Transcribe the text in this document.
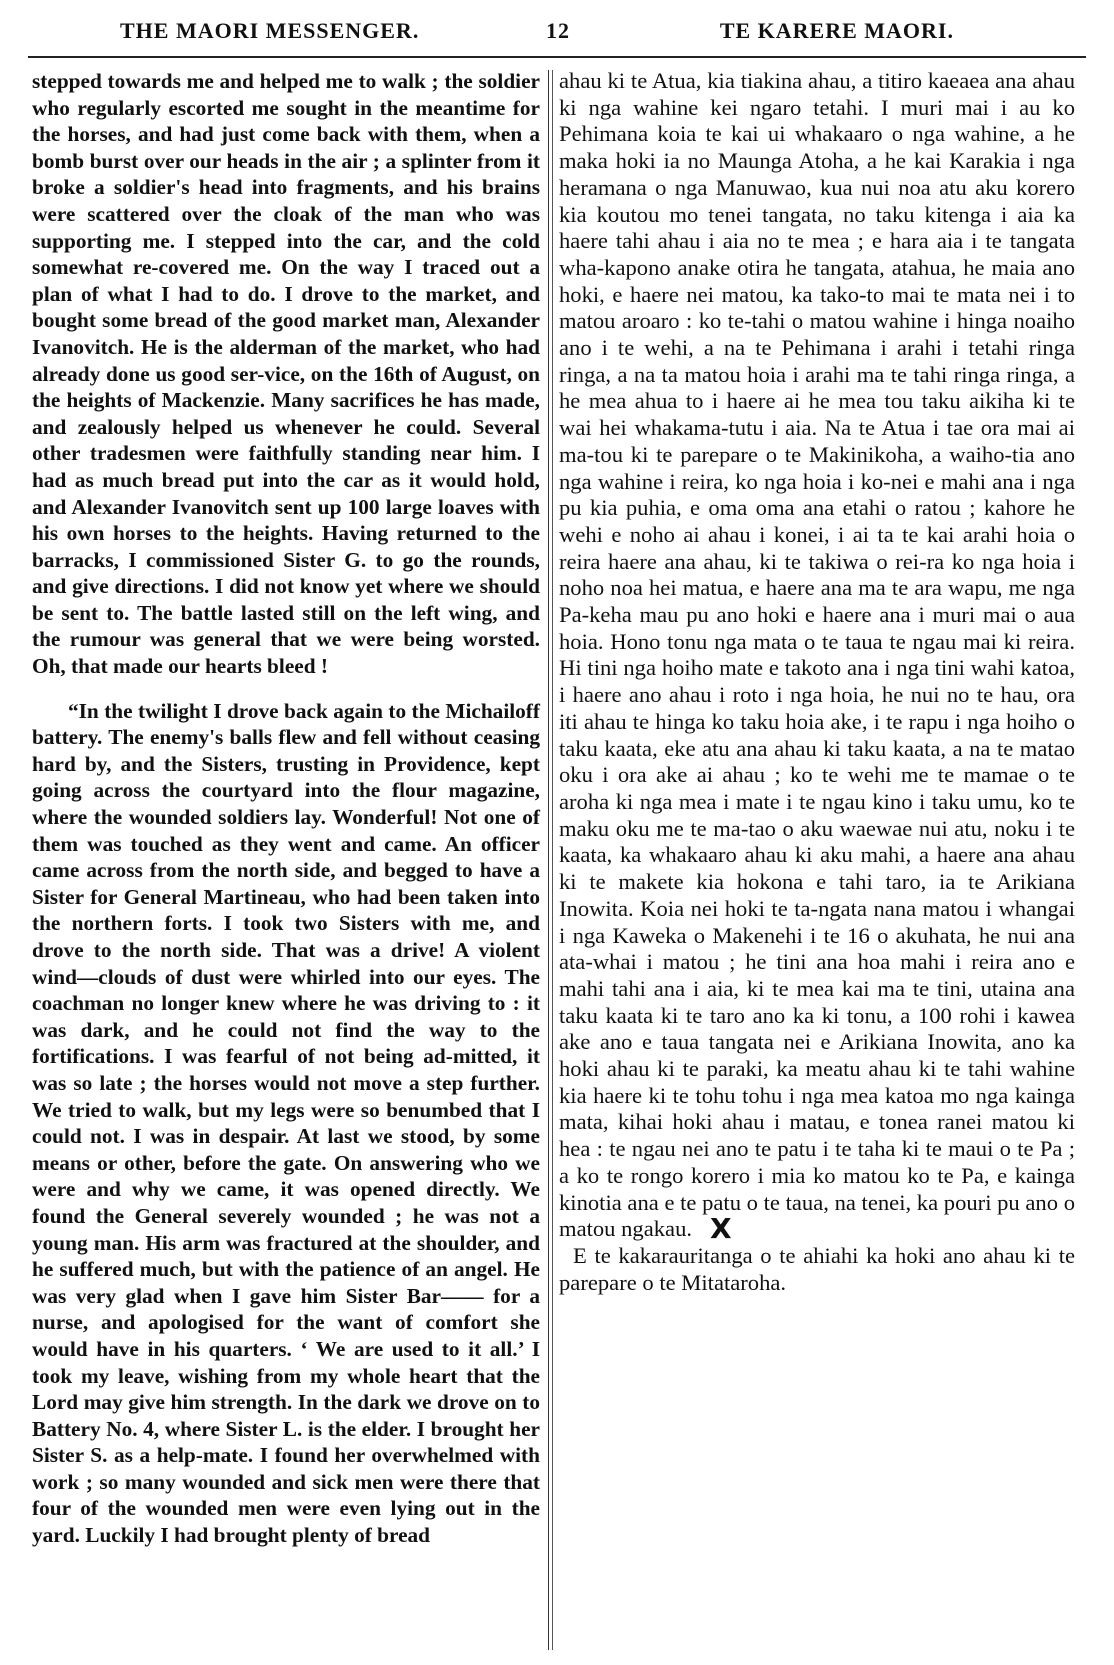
THE MAORI MESSENGER.	12	TE KARERE MAORI.

stepped towards me and helped me to walk ; the soldier who regularly escorted me sought in the meantime for the horses, and had just come back with them, when a bomb burst over our heads in the air ; a splinter from it broke a soldier's head into fragments, and his brains were scattered over the cloak of the man who was supporting me. I stepped into the car, and the cold somewhat re-covered me. On the way I traced out a plan of what I had to do. I drove to the market, and bought some bread of the good market man, Alexander Ivanovitch. He is the alderman of the market, who had already done us good ser-vice, on the 16th of August, on the heights of Mackenzie. Many sacrifices he has made, and zealously helped us whenever he could. Several other tradesmen were faithfully standing near him. I had as much bread put into the car as it would hold, and Alexander Ivanovitch sent up 100 large loaves with his own horses to the heights. Having returned to the barracks, I commissioned Sister G. to go the rounds, and give directions. I did not know yet where we should be sent to. The battle lasted still on the left wing, and the rumour was general that we were being worsted. Oh, that made our hearts bleed !

“In the twilight I drove back again to the Michailoff battery. The enemy's balls flew and fell without ceasing hard by, and the Sisters, trusting in Providence, kept going across the courtyard into the flour magazine, where the wounded soldiers lay. Wonderful! Not one of them was touched as they went and came. An officer came across from the north side, and begged to have a Sister for General Martineau, who had been taken into the northern forts. I took two Sisters with me, and drove to the north side. That was a drive! A violent wind—clouds of dust were whirled into our eyes. The coachman no longer knew where he was driving to : it was dark, and he could not find the way to the fortifications. I was fearful of not being ad-mitted, it was so late ; the horses would not move a step further. We tried to walk, but my legs were so benumbed that I could not. I was in despair. At last we stood, by some means or other, before the gate. On answering who we were and why we came, it was opened directly. We found the General severely wounded ; he was not a young man. His arm was fractured at the shoulder, and he suffered much, but with the patience of an angel. He was very glad when I gave him Sister Bar—— for a nurse, and apologised for the want of comfort she would have in his quarters. ‘ We are used to it all.’ I took my leave, wishing from my whole heart that the Lord may give him strength. In the dark we drove on to Battery No. 4, where Sister L. is the elder. I brought her Sister S. as a help-mate. I found her overwhelmed with work ; so many wounded and sick men were there that four of the wounded men were even lying out in the yard. Luckily I had brought plenty of bread

ahau ki te Atua, kia tiakina ahau, a titiro kaeaea ana ahau ki nga wahine kei ngaro tetahi. I muri mai i au ko Pehimana koia te kai ui whakaaro o nga wahine, a he maka hoki ia no Maunga Atoha, a he kai Karakia i nga heramana o nga Manuwao, kua nui noa atu aku korero kia koutou mo tenei tangata, no taku kitenga i aia ka haere tahi ahau i aia no te mea ; e hara aia i te tangata wha-kapono anake otira he tangata, atahua, he maia ano hoki, e haere nei matou, ka tako-to mai te mata nei i to matou aroaro : ko te-tahi o matou wahine i hinga noaiho ano i te wehi, a na te Pehimana i arahi i tetahi ringa ringa, a na ta matou hoia i arahi ma te tahi ringa ringa, a he mea ahua to i haere ai he mea tou taku aikiha ki te wai hei whakama-tutu i aia. Na te Atua i tae ora mai ai ma-tou ki te parepare o te Makinikoha, a waiho-tia ano nga wahine i reira, ko nga hoia i ko-nei e mahi ana i nga pu kia puhia, e oma oma ana etahi o ratou ; kahore he wehi e noho ai ahau i konei, i ai ta te kai arahi hoia o reira haere ana ahau, ki te takiwa o rei-ra ko nga hoia i noho noa hei matua, e haere ana ma te ara wapu, me nga Pa-keha mau pu ano hoki e haere ana i muri mai o aua hoia. Hono tonu nga mata o te taua te ngau mai ki reira. Hi tini nga hoiho mate e takoto ana i nga tini wahi katoa, i haere ano ahau i roto i nga hoia, he nui no te hau, ora iti ahau te hinga ko taku hoia ake, i te rapu i nga hoiho o taku kaata, eke atu ana ahau ki taku kaata, a na te matao oku i ora ake ai ahau ; ko te wehi me te mamae o te aroha ki nga mea i mate i te ngau kino i taku umu, ko te maku oku me te ma-tao o aku waewae nui atu, noku i te kaata, ka whakaaro ahau ki aku mahi, a haere ana ahau ki te makete kia hokona e tahi taro, ia te Arikiana Inowita. Koia nei hoki te ta-ngata nana matou i whangai i nga Kaweka o Makenehi i te 16 o akuhata, he nui ana ata-whai i matou ; he tini ana hoa mahi i reira ano e mahi tahi ana i aia, ki te mea kai ma te tini, utaina ana taku kaata ki te taro ano ka ki tonu, a 100 rohi i kawea ake ano e taua tangata nei e Arikiana Inowita, ano ka hoki ahau ki te paraki, ka meatu ahau ki te tahi wahine kia haere ki te tohu tohu i nga mea katoa mo nga kainga mata, kihai hoki ahau i matau, e tonea ranei matou ki hea : te ngau nei ano te patu i te taha ki te maui o te Pa ; a ko te rongo korero i mia ko matou ko te Pa, e kainga kinotia ana e te patu o te taua, na tenei, ka pouri pu ano o matou ngakau. X

E te kakarauritanga o te ahiahi ka hoki ano ahau ki te parepare o te Mitataroha.
